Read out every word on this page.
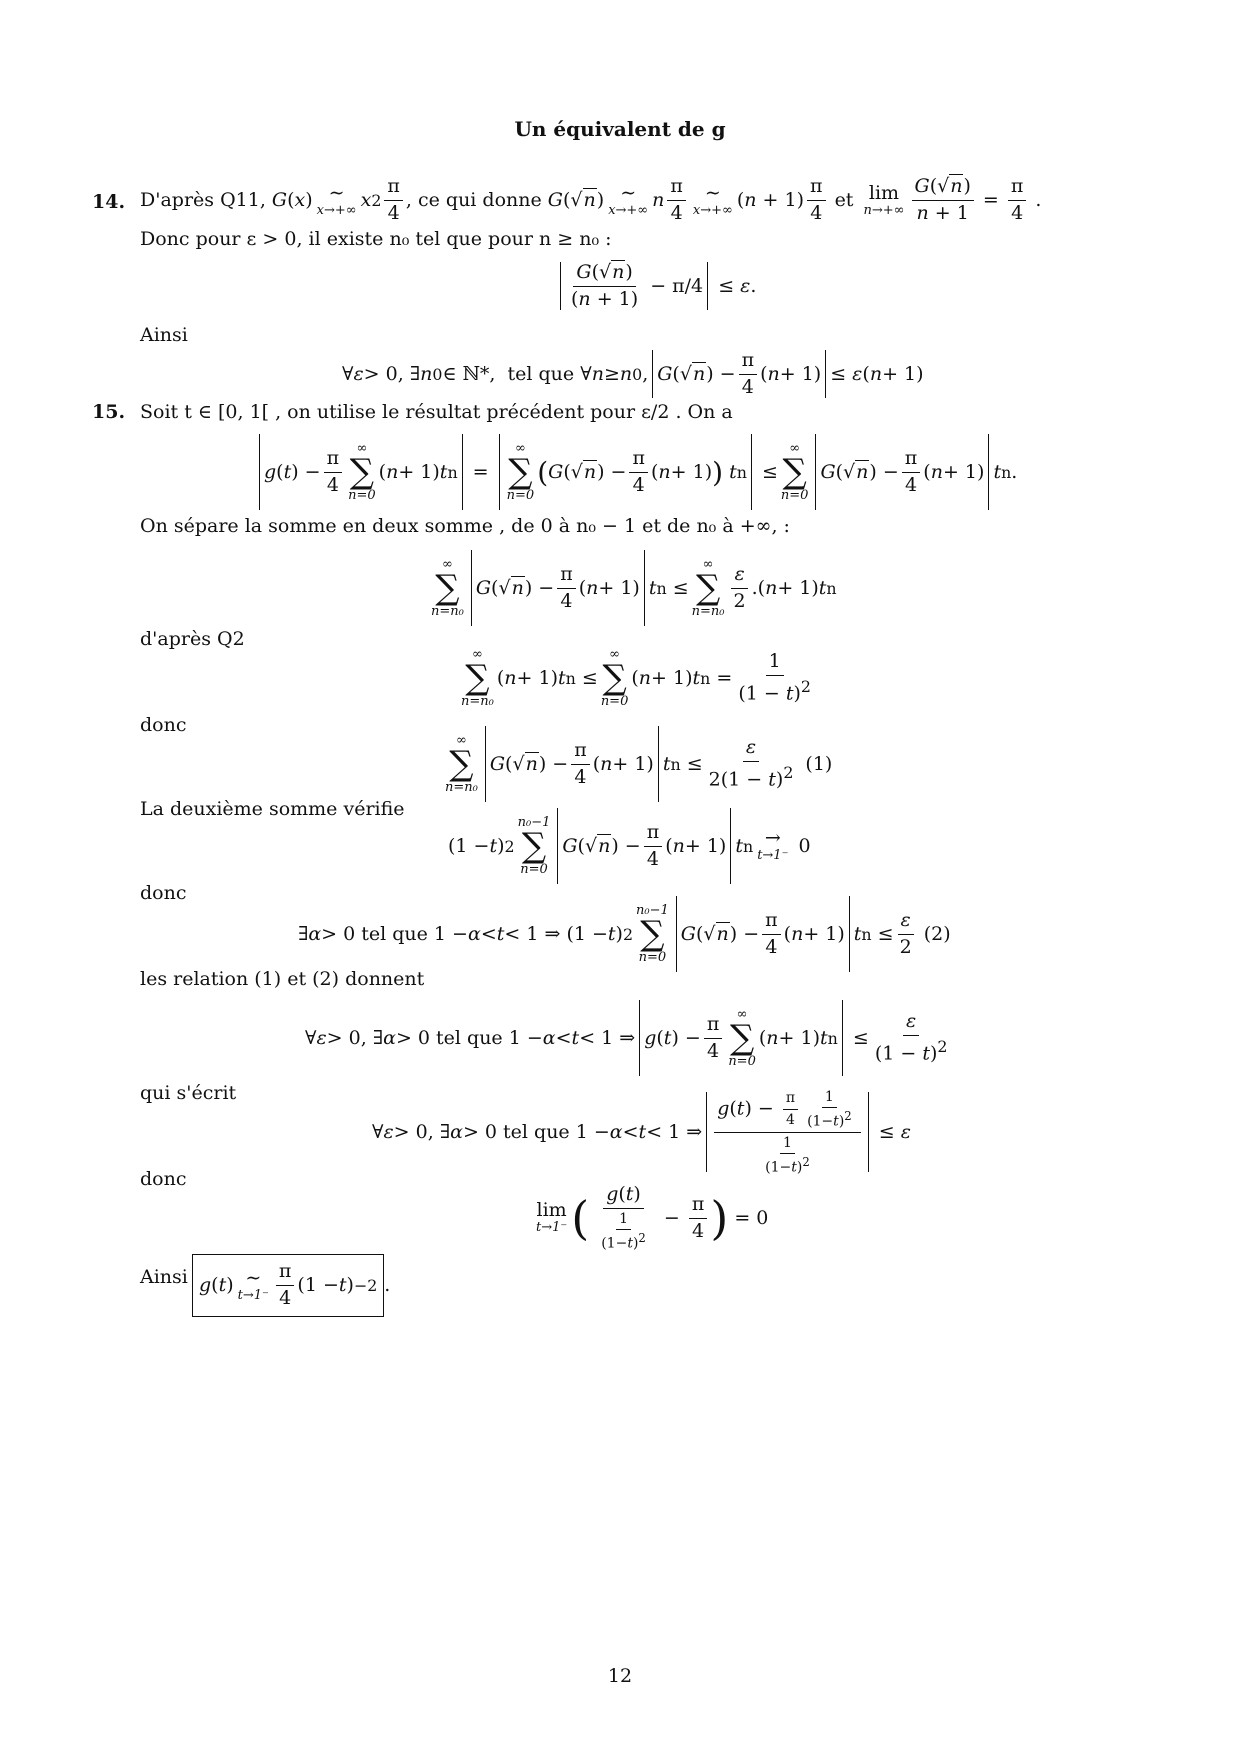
Un équivalent de g
14. D'après Q11,
G ( x ) ∼
x→+∞ x $2 \frac{\pi}{4}$ , ce qui donne
G (√ n ) ∼
x→+∞ n $\frac{\pi}{4}$ ∼
x→+∞ ( $n + 1) \frac{\pi}{4}$
et
lim
$n\to+\infty \frac{G(√n)}{n + 1} = \frac{\pi}{4}$ .
Donc pour ε > 0, il existe n₀ tel que pour n ≥ n₀ :
$\frac{G(√n)}{(n + 1)} - \pi/4$
≤ ε .
Ainsi
∀ ε > 0, ∃ n 0 ∈ ℕ*,  tel que ∀ n ≥ n 0 , G (√ n ) − $\frac{\pi}{4}$ ( n + 1)
≤ ε ( n + 1)
15. Soit t ∈ [0, 1[ , on utilise le résultat précédent pour ε/2 . On a
g ( t ) − $\frac{\pi}{4}$ ∞
∑
n=0
( n + 1) t n =
∞
∑
n=0
( G (√ n ) − $\frac{\pi}{4}$ ( n + 1) )
t n ≤
∞
∑
n=0
G (√ n ) − $\frac{\pi}{4}$ ( n + 1) t n .
On sépare la somme en deux somme , de 0 à n₀ − 1 et de n₀ à +∞, :
∞
∑
n=n₀
G (√ n ) − $\frac{\pi}{4}$ ( n + 1) t n ≤
∞
∑
$n=n_0 \frac{\varepsilon}{2}$ .( n + 1) t n
d'après Q2
∞
∑
n=n₀
( n + 1) t n ≤
∞
∑
n=0
( n + 1) t $n = \frac{1}{(1 - t)^2}$
donc
∞
∑
n=n₀
G (√ n ) − $\frac{\pi}{4}$ ( n + 1) t $n \le \frac{\varepsilon}{2(1 - t)^2} (1)$
La deuxième somme vérifie
(1 − t ) 2
n₀−1
∑
n=0
G (√ n ) − $\frac{\pi}{4}$ ( n + 1) t n →
t→1⁻ 0
donc
∃ α > 0 tel que 1 − α < t < 1 ⇒ (1 − t ) 2
n₀−1
∑
n=0
G (√ n ) − $\frac{\pi}{4}$ ( n + 1) t $n \le \frac{\varepsilon}{2} (2)$
les relation (1) et (2) donnent
∀ ε > 0, ∃ α > 0 tel que 1 − α < t < 1 ⇒ g ( t ) − $\frac{\pi}{4}$ ∞
∑
n=0
( n + 1) t $n \le \frac{\varepsilon}{(1 - t)^2}$
qui s'écrit
∀ ε > 0, ∃ α > 0 tel que 1 − α < t < 1 ⇒ $\frac{g(t) - \frac{\pi}{4} \frac{1}{(1-t)^2}}{\frac{1}{(1-t)^2}} \le \varepsilon$
donc
lim
t→1⁻ ( $\frac{g(t)}{\frac{1}{(1-t)^2}} - \frac{\pi}{4}$ ) = 0
Ainsi g ( t ) ∼
$t\to 1^- \frac{\pi}{4} (1 - t$ ) −2 .
12
